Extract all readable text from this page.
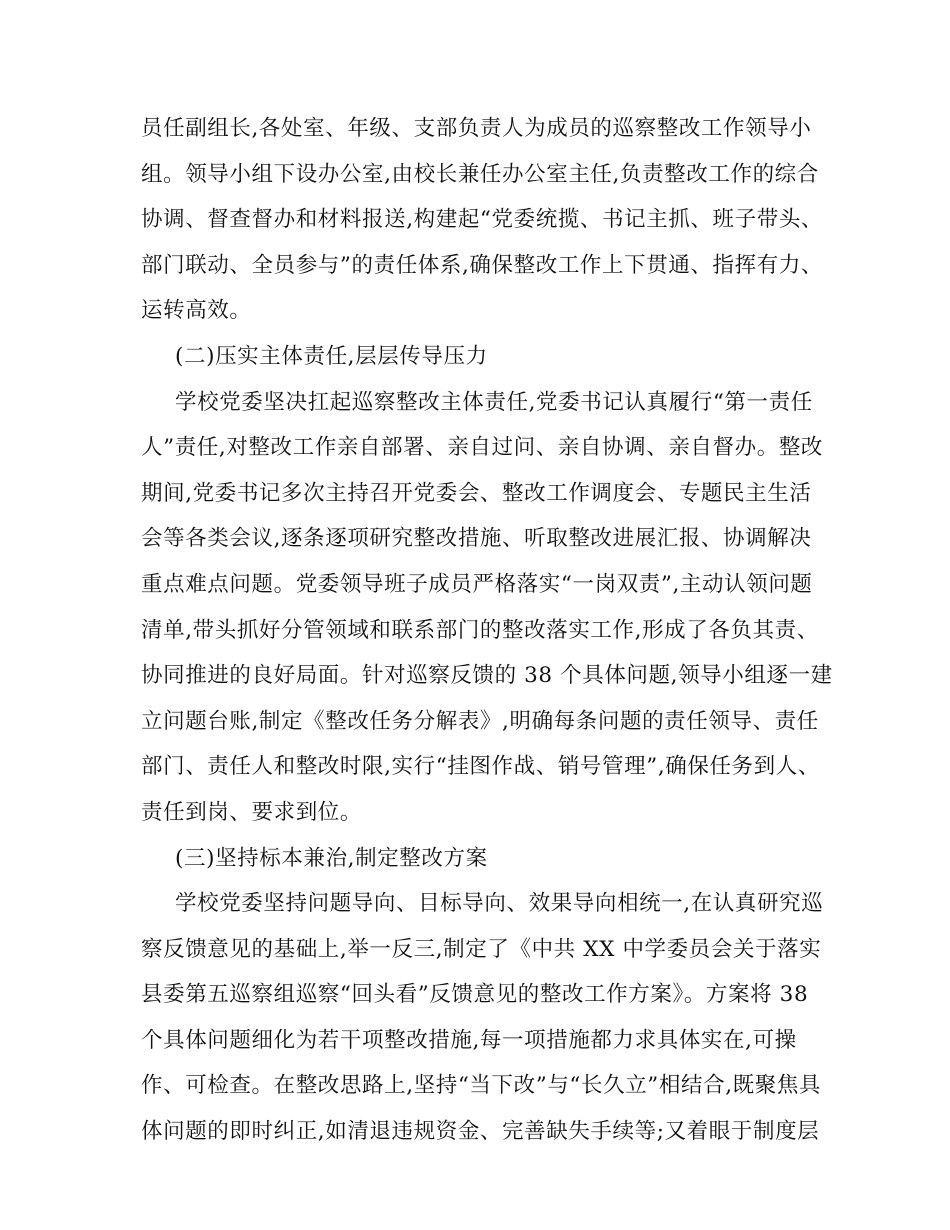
员任副组长,各处室、年级、支部负责人为成员的巡察整改工作领导小
组。领导小组下设办公室,由校长兼任办公室主任,负责整改工作的综合
协调、督查督办和材料报送,构建起“党委统揽、书记主抓、班子带头、
部门联动、全员参与”的责任体系,确保整改工作上下贯通、指挥有力、
运转高效。
(二)压实主体责任,层层传导压力
学校党委坚决扛起巡察整改主体责任,党委书记认真履行“第一责任
人”责任,对整改工作亲自部署、亲自过问、亲自协调、亲自督办。整改
期间,党委书记多次主持召开党委会、整改工作调度会、专题民主生活
会等各类会议,逐条逐项研究整改措施、听取整改进展汇报、协调解决
重点难点问题。党委领导班子成员严格落实“一岗双责”,主动认领问题
清单,带头抓好分管领域和联系部门的整改落实工作,形成了各负其责、
协同推进的良好局面。针对巡察反馈的 38 个具体问题,领导小组逐一建
立问题台账,制定《整改任务分解表》,明确每条问题的责任领导、责任
部门、责任人和整改时限,实行“挂图作战、销号管理”,确保任务到人、
责任到岗、要求到位。
(三)坚持标本兼治,制定整改方案
学校党委坚持问题导向、目标导向、效果导向相统一,在认真研究巡
察反馈意见的基础上,举一反三,制定了《中共 XX 中学委员会关于落实
县委第五巡察组巡察“回头看”反馈意见的整改工作方案》。方案将 38
个具体问题细化为若干项整改措施,每一项措施都力求具体实在,可操
作、可检查。在整改思路上,坚持“当下改”与“长久立”相结合,既聚焦具
体问题的即时纠正,如清退违规资金、完善缺失手续等;又着眼于制度层
